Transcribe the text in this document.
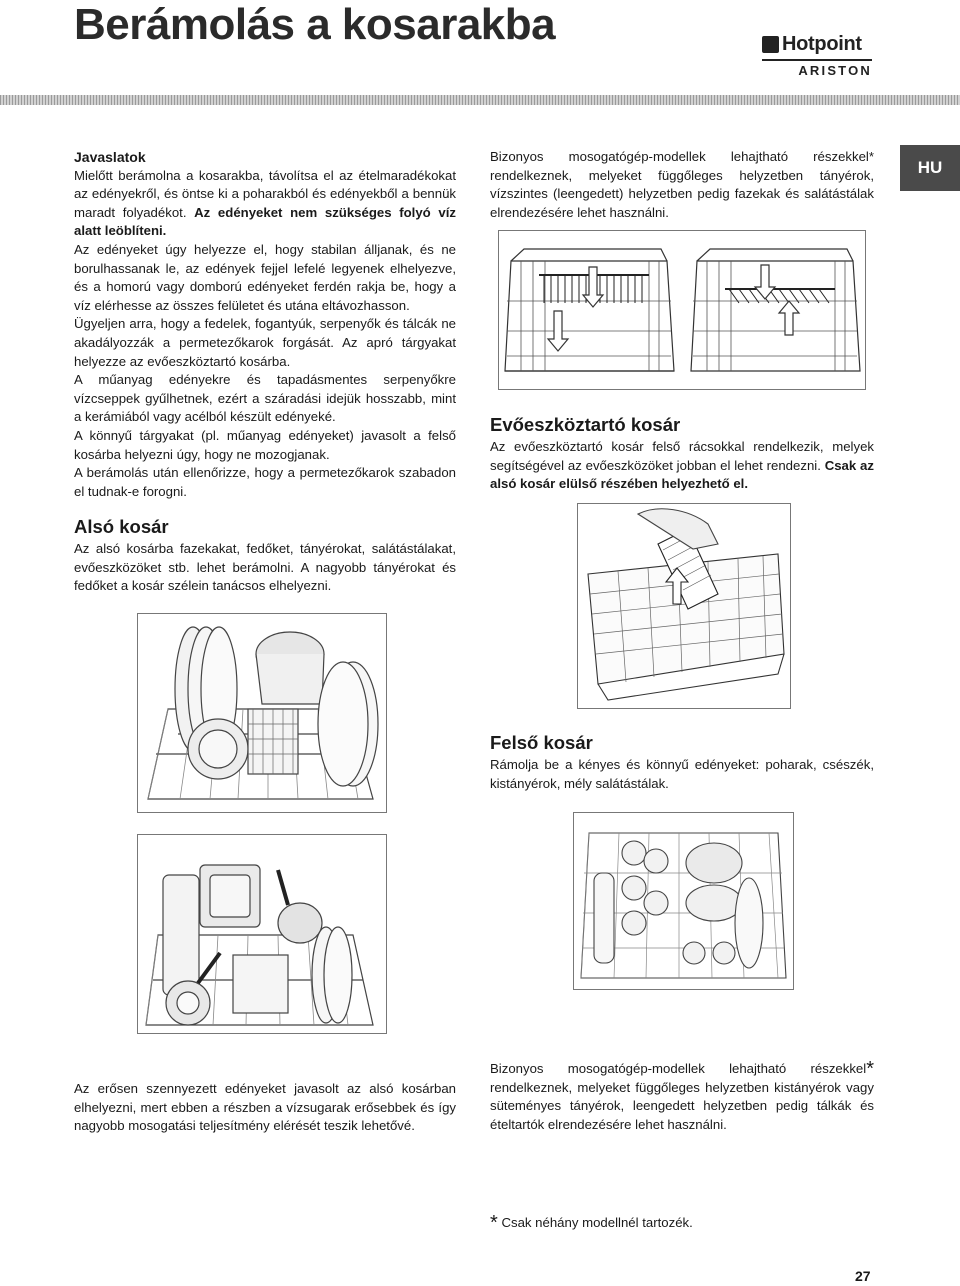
Berámolás a kosarakba	Hotpoint
ARISTON
HU
Javaslatok

Mielőtt berámolna a kosarakba, távolítsa el az ételmaradékokat az edényekről, és öntse ki a poharakból és edényekből a bennük maradt folyadékot. Az edényeket nem szükséges folyó víz alatt leöblíteni.

Az edényeket úgy helyezze el, hogy stabilan álljanak, és ne borulhassanak le, az edények fejjel lefelé legyenek elhelyezve, és a homorú vagy domború edényeket ferdén rakja be, hogy a víz elérhesse az összes felületet és utána eltávozhasson.

Ügyeljen arra, hogy a fedelek, fogantyúk, serpenyők és tálcák ne akadályozzák a permetezőkarok forgását. Az apró tárgyakat helyezze az evőeszköztartó kosárba.

A műanyag edényekre és tapadásmentes serpenyőkre vízcseppek gyűlhetnek, ezért a száradási idejük hosszabb, mint a kerámiából vagy acélból készült edényeké.

A könnyű tárgyakat (pl. műanyag edényeket) javasolt a felső kosárba helyezni úgy, hogy ne mozogjanak.

A berámolás után ellenőrizze, hogy a permetezőkarok szabadon el tudnak-e forogni.

Alsó kosár

Az alsó kosárba fazekakat, fedőket, tányérokat, salátástálakat, evőeszközöket stb. lehet berámolni. A nagyobb tányérokat és fedőket a kosár szélein tanácsos elhelyezni.

Az erősen szennyezett edényeket javasolt az alsó kosárban elhelyezni, mert ebben a részben a vízsugarak erősebbek és így nagyobb mosogatási teljesítmény elérését teszik lehetővé.

Bizonyos mosogatógép-modellek lehajtható részekkel* rendelkeznek, melyeket függőleges helyzetben tányérok, vízszintes (leengedett) helyzetben pedig fazekak és salátástálak elrendezésére lehet használni.

Evőeszköztartó kosár

Az evőeszköztartó kosár felső rácsokkal rendelkezik, melyek segítségével az evőeszközöket jobban el lehet rendezni. Csak az alsó kosár elülső részében helyezhető el.

Felső kosár

Rámolja be a kényes és könnyű edényeket: poharak, csészék, kistányérok, mély salátástálak.

Bizonyos mosogatógép-modellek lehajtható részekkel* rendelkeznek, melyeket függőleges helyzetben kistányérok vagy süteményes tányérok, leengedett helyzetben pedig tálkák és ételtartók elrendezésére lehet használni.

* Csak néhány modellnél tartozék.
27
